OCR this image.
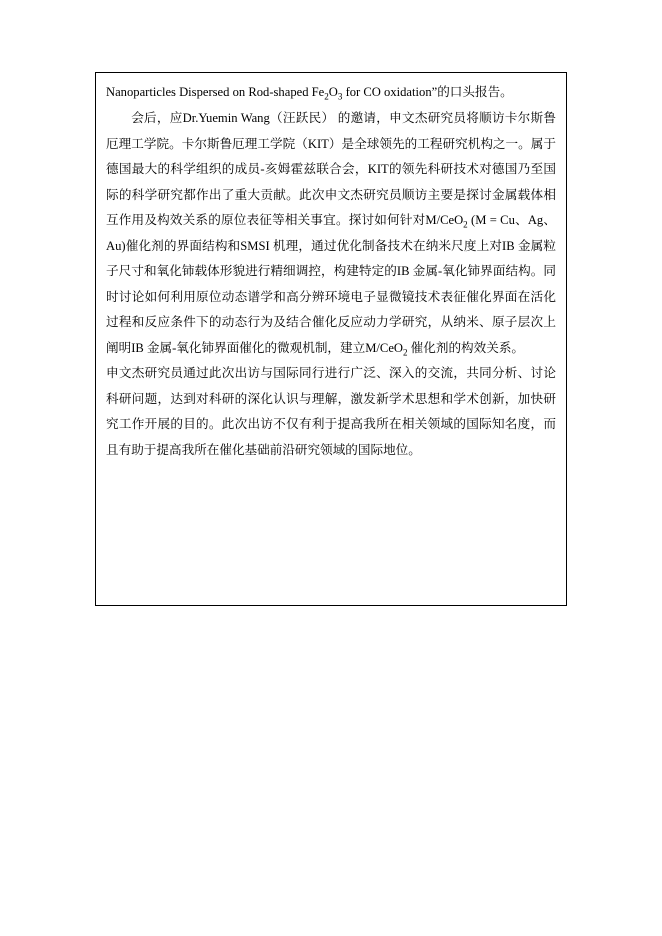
Nanoparticles Dispersed on Rod-shaped $Fe_2O_3$ for CO oxidation”的口头报告。

会后，应Dr.Yuemin Wang（汪跃民） 的邀请，申文杰研究员将顺访卡尔斯鲁厄理工学院。卡尔斯鲁厄理工学院（KIT）是全球领先的工程研究机构之一。属于德国最大的科学组织的成员-亥姆霍兹联合会，KIT的领先科研技术对德国乃至国际的科学研究都作出了重大贡献。此次申文杰研究员顺访主要是探讨金属载体相互作用及构效关系的原位表征等相关事宜。探讨如何针对M/CeO$_2$ (M = Cu、Ag、Au)催化剂的界面结构和SMSI 机理，通过优化制备技术在纳米尺度上对IB 金属粒子尺寸和氧化铈载体形貌进行精细调控，构建特定的IB 金属-氧化铈界面结构。同时讨论如何利用原位动态谱学和高分辨环境电子显微镜技术表征催化界面在活化过程和反应条件下的动态行为及结合催化反应动力学研究，从纳米、原子层次上阐明IB 金属-氧化铈界面催化的微观机制，建立M/CeO$_2$ 催化剂的构效关系。

申文杰研究员通过此次出访与国际同行进行广泛、深入的交流，共同分析、讨论科研问题，达到对科研的深化认识与理解，激发新学术思想和学术创新，加快研究工作开展的目的。此次出访不仅有利于提高我所在相关领域的国际知名度，而且有助于提高我所在催化基础前沿研究领域的国际地位。
